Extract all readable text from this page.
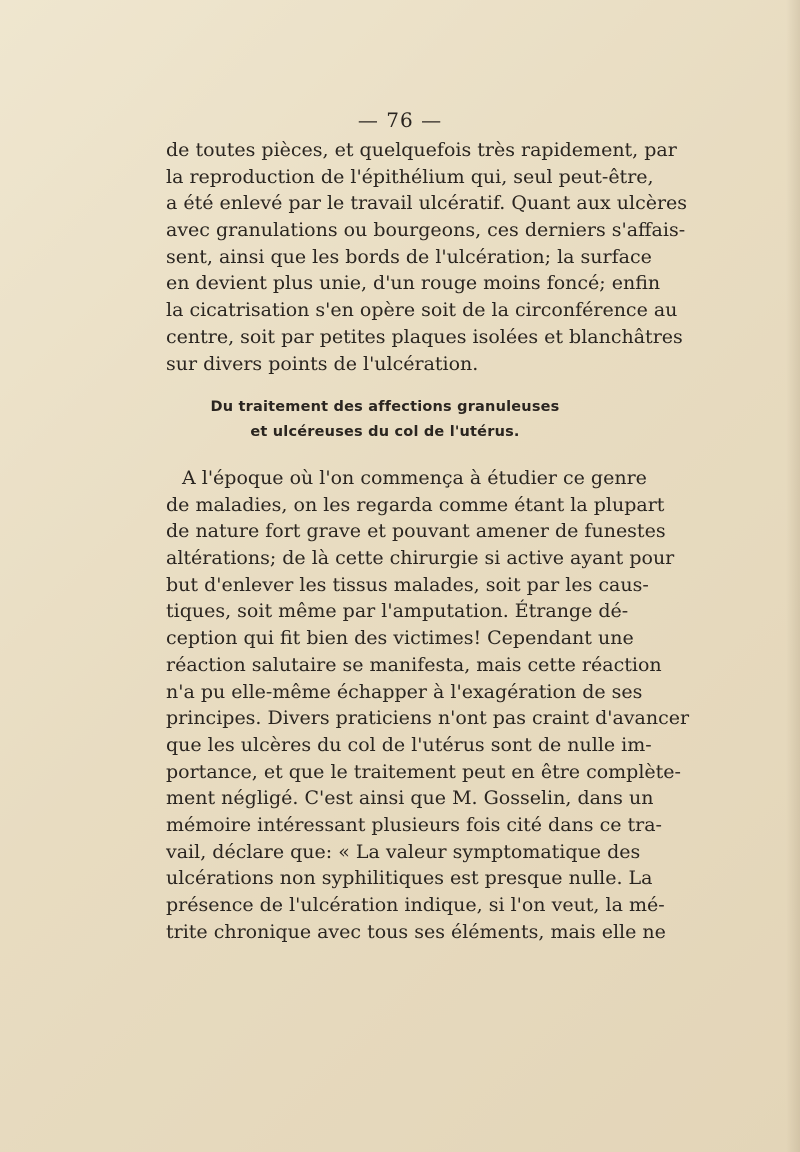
— 76 —
de toutes pièces, et quelquefois très rapidement, par
la reproduction de l'épithélium qui, seul peut-être,
a été enlevé par le travail ulcératif. Quant aux ulcères
avec granulations ou bourgeons, ces derniers s'affais-
sent, ainsi que les bords de l'ulcération; la surface
en devient plus unie, d'un rouge moins foncé; enfin
la cicatrisation s'en opère soit de la circonférence au
centre, soit par petites plaques isolées et blanchâtres
sur divers points de l'ulcération.
Du traitement des affections granuleuses
et ulcéreuses du col de l'utérus.
A l'époque où l'on commença à étudier ce genre
de maladies, on les regarda comme étant la plupart
de nature fort grave et pouvant amener de funestes
altérations; de là cette chirurgie si active ayant pour
but d'enlever les tissus malades, soit par les caus-
tiques, soit même par l'amputation. Étrange dé-
ception qui fit bien des victimes! Cependant une
réaction salutaire se manifesta, mais cette réaction
n'a pu elle-même échapper à l'exagération de ses
principes. Divers praticiens n'ont pas craint d'avancer
que les ulcères du col de l'utérus sont de nulle im-
portance, et que le traitement peut en être complète-
ment négligé. C'est ainsi que M. Gosselin, dans un
mémoire intéressant plusieurs fois cité dans ce tra-
vail, déclare que: « La valeur symptomatique des
ulcérations non syphilitiques est presque nulle. La
présence de l'ulcération indique, si l'on veut, la mé-
trite chronique avec tous ses éléments, mais elle ne
